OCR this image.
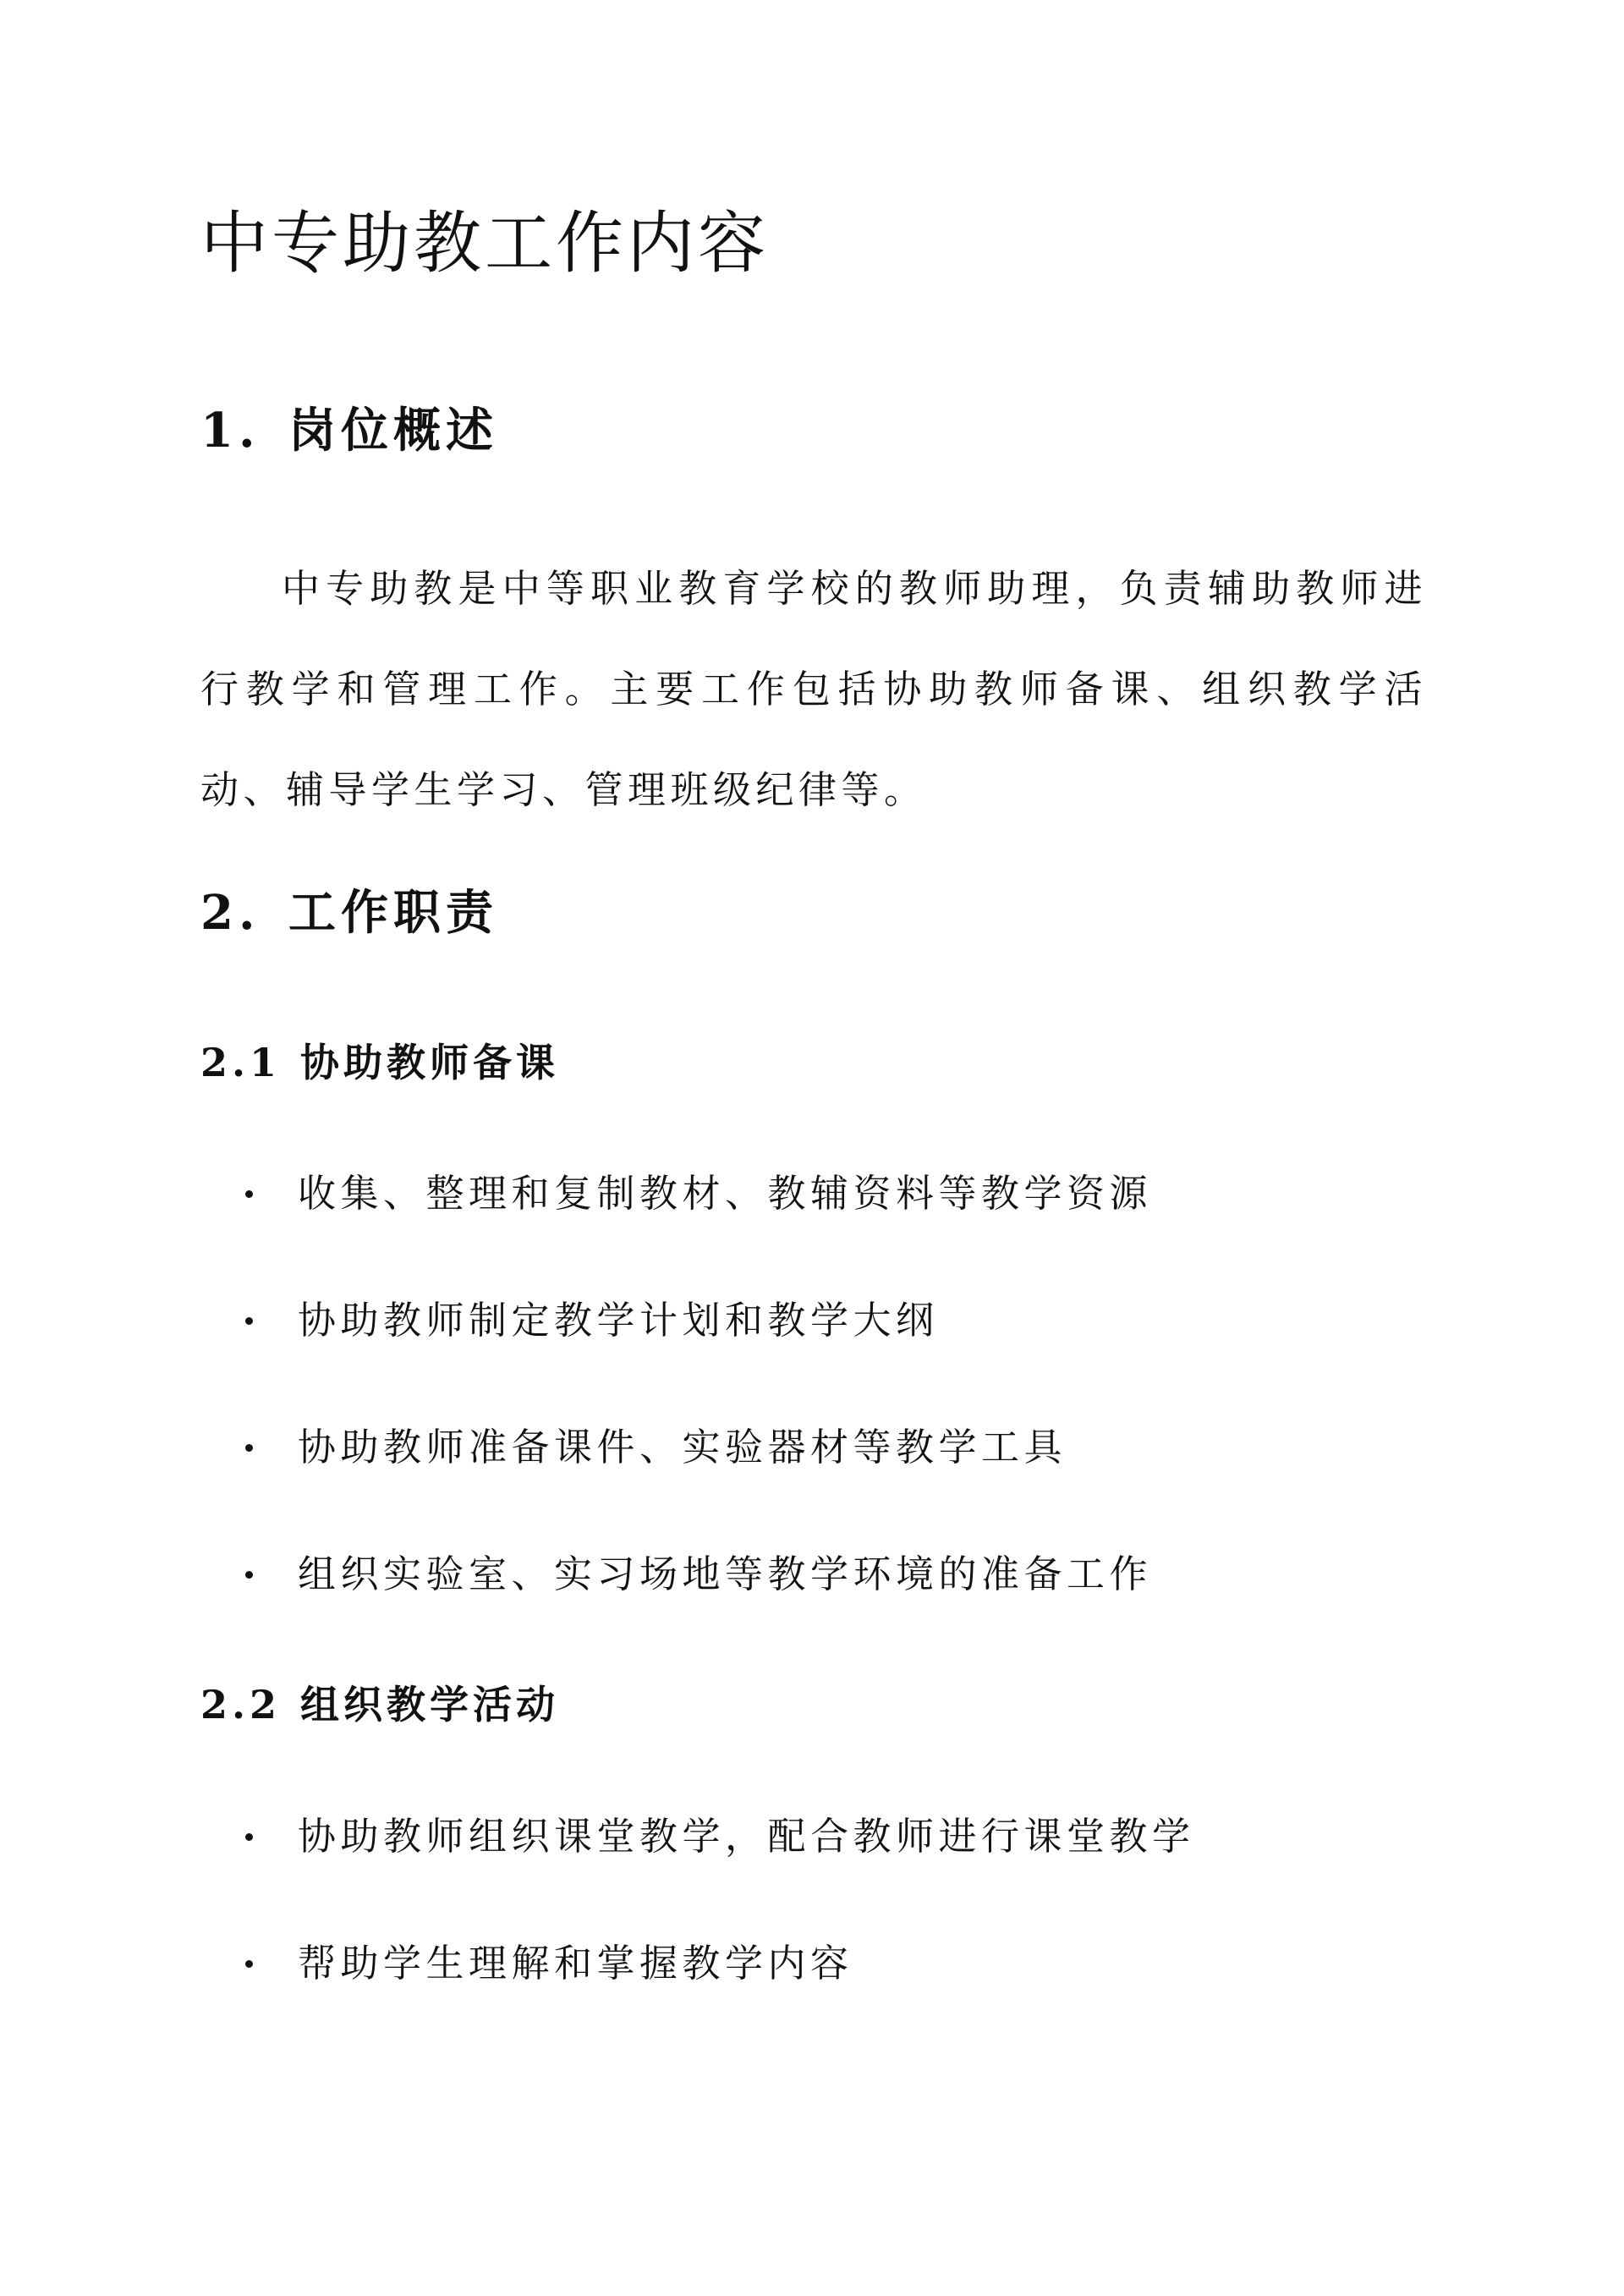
中专助教工作内容
1. 岗位概述

中专助教是中等职业教育学校的教师助理，负责辅助教师进行教学和管理工作。主要工作包括协助教师备课、组织教学活动、辅导学生学习、管理班级纪律等。

2. 工作职责
2.1 协助教师备课
收集、整理和复制教材、教辅资料等教学资源
协助教师制定教学计划和教学大纲
协助教师准备课件、实验器材等教学工具
组织实验室、实习场地等教学环境的准备工作
2.2 组织教学活动
协助教师组织课堂教学，配合教师进行课堂教学
帮助学生理解和掌握教学内容
